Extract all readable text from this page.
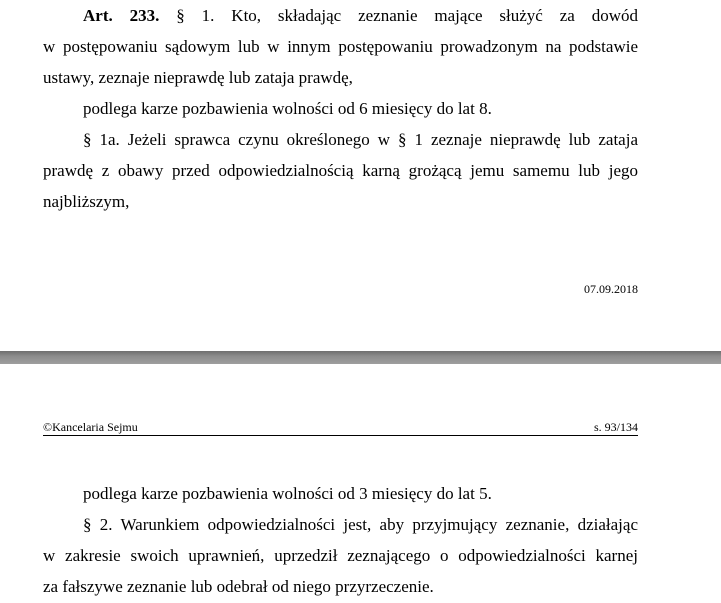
Art. 233. § 1. Kto, składając zeznanie mające służyć za dowód
w postępowaniu sądowym lub w innym postępowaniu prowadzonym na podstawie
ustawy, zeznaje nieprawdę lub zataja prawdę,

podlega karze pozbawienia wolności od 6 miesięcy do lat 8.

§ 1a. Jeżeli sprawca czynu określonego w § 1 zeznaje nieprawdę lub zataja
prawdę z obawy przed odpowiedzialnością karną grożącą jemu samemu lub jego
najbliższym,

07.09.2018
©Kancelaria Sejmu	s. 93/134

podlega karze pozbawienia wolności od 3 miesięcy do lat 5.

§ 2. Warunkiem odpowiedzialności jest, aby przyjmujący zeznanie, działając
w zakresie swoich uprawnień, uprzedził zeznającego o odpowiedzialności karnej
za fałszywe zeznanie lub odebrał od niego przyrzeczenie.
